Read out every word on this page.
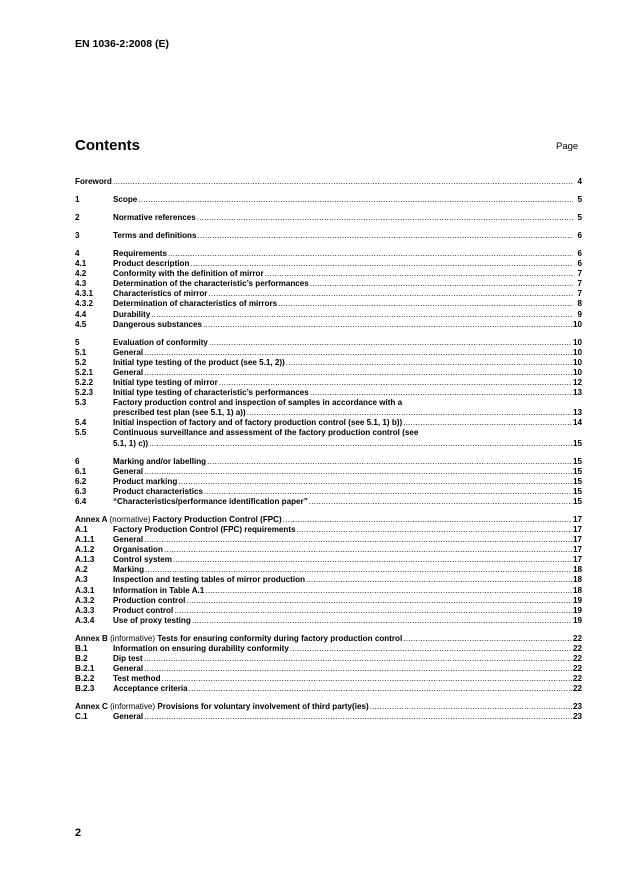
EN 1036-2:2008 (E)
Contents	Page
Foreword .....	4
1	Scope .....	5
2	Normative references .....	5
3	Terms and definitions .....	6
4	Requirements .....	6
4.1	Product description .....	6
4.2	Conformity with the definition of mirror .....	7
4.3	Determination of the characteristic’s performances .....	7
4.3.1	Characteristics of mirror .....	7
4.3.2	Determination of characteristics of mirrors .....	8
4.4	Durability .....	9
4.5	Dangerous substances .....	10
5	Evaluation of conformity .....	10
5.1	General .....	10
5.2	Initial type testing of the product (see 5.1, 2)) .....	10
5.2.1	General .....	10
5.2.2	Initial type testing of mirror .....	12
5.2.3	Initial type testing of characteristic’s performances .....	13
5.3	Factory production control and inspection of samples in accordance with a
prescribed test plan (see 5.1, 1) a)) .....	13
5.4	Initial inspection of factory and of factory production control (see 5.1, 1) b)) .....	14
5.5	Continuous surveillance and assessment of the factory production control (see
5.1, 1) c)) .....	15
6	Marking and/or labelling .....	15
6.1	General .....	15
6.2	Product marking .....	15
6.3	Product characteristics .....	15
6.4	“Characteristics/performance identification paper” .....	15
Annex A (normative) Factory Production Control (FPC) .....	17
A.1	Factory Production Control (FPC) requirements .....	17
A.1.1	General .....	17
A.1.2	Organisation .....	17
A.1.3	Control system .....	17
A.2	Marking .....	18
A.3	Inspection and testing tables of mirror production .....	18
A.3.1	Information in Table A.1 .....	18
A.3.2	Production control .....	19
A.3.3	Product control .....	19
A.3.4	Use of proxy testing .....	19
Annex B (informative) Tests for ensuring conformity during factory production control .....	22
B.1	Information on ensuring durability conformity .....	22
B.2	Dip test .....	22
B.2.1	General .....	22
B.2.2	Test method .....	22
B.2.3	Acceptance criteria .....	22
Annex C (informative) Provisions for voluntary involvement of third party(ies) .....	23
C.1	General .....	23
2
